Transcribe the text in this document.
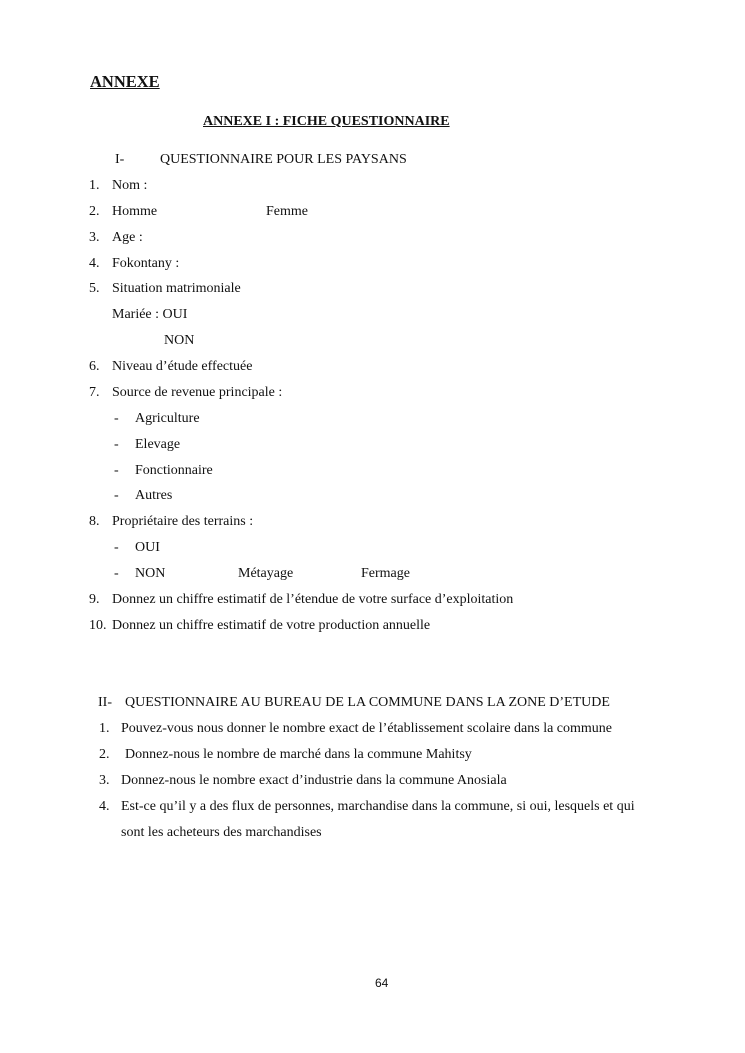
ANNEXE
ANNEXE I : FICHE QUESTIONNAIRE
I-	QUESTIONNAIRE POUR LES PAYSANS
1. Nom :
2. Homme	Femme
3. Age :
4. Fokontany :
5. Situation matrimoniale
Mariée : OUI
NON
6. Niveau d’étude effectuée
7. Source de revenue principale :
- Agriculture
- Elevage
- Fonctionnaire
- Autres
8. Propriétaire des terrains :
- OUI
- NON	Métayage	Fermage
9. Donnez un chiffre estimatif de l’étendue de votre surface d’exploitation
10. Donnez un chiffre estimatif de votre production annuelle
II- QUESTIONNAIRE AU BUREAU DE LA COMMUNE DANS LA ZONE D’ETUDE
1. Pouvez-vous nous donner le nombre exact de l’établissement scolaire dans la commune
2. Donnez-nous le nombre de marché dans la commune Mahitsy
3. Donnez-nous le nombre exact d’industrie dans la commune Anosiala
4. Est-ce qu’il y a des flux de personnes, marchandise dans la commune, si oui, lesquels et qui
sont les acheteurs des marchandises
64
